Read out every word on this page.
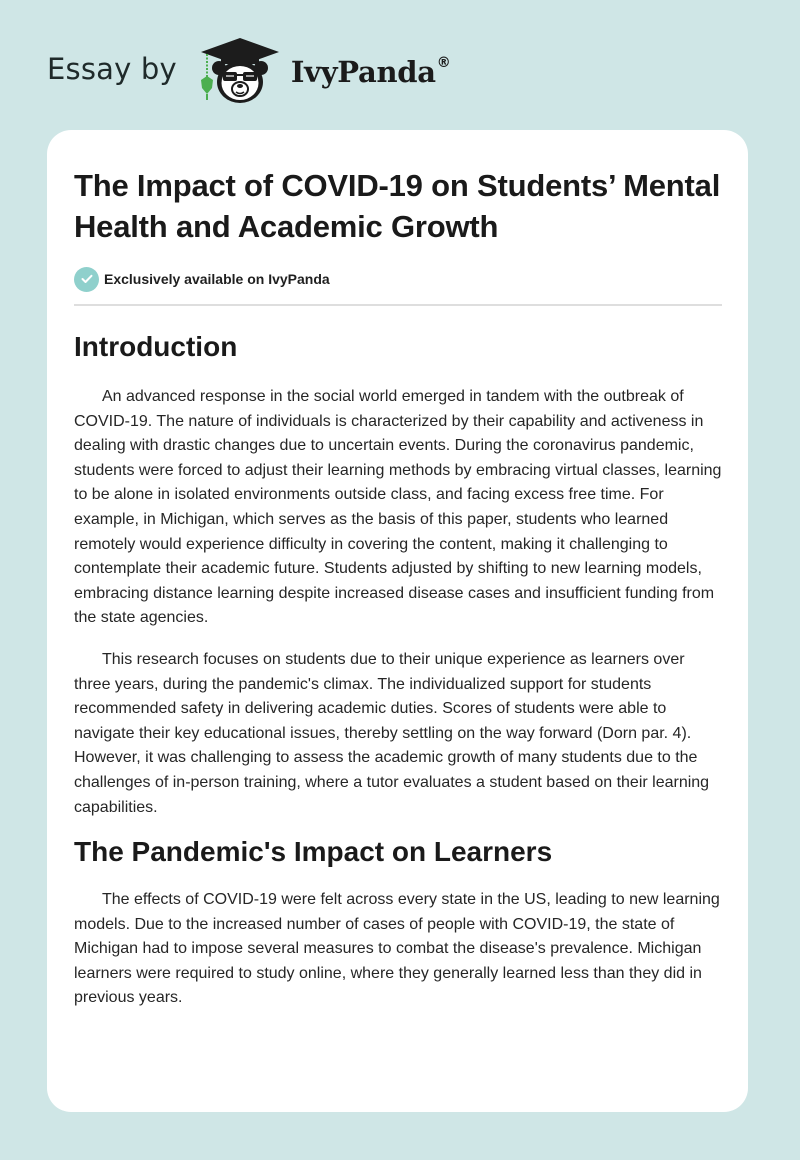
Essay by	IvyPanda®
The Impact of COVID-19 on Students’ Mental Health and Academic Growth
Exclusively available on IvyPanda
Introduction

An advanced response in the social world emerged in tandem with the outbreak of COVID-19. The nature of individuals is characterized by their capability and activeness in dealing with drastic changes due to uncertain events. During the coronavirus pandemic, students were forced to adjust their learning methods by embracing virtual classes, learning to be alone in isolated environments outside class, and facing excess free time. For example, in Michigan, which serves as the basis of this paper, students who learned remotely would experience difficulty in covering the content, making it challenging to contemplate their academic future. Students adjusted by shifting to new learning models, embracing distance learning despite increased disease cases and insufficient funding from the state agencies.

This research focuses on students due to their unique experience as learners over three years, during the pandemic's climax. The individualized support for students recommended safety in delivering academic duties. Scores of students were able to navigate their key educational issues, thereby settling on the way forward (Dorn par. 4). However, it was challenging to assess the academic growth of many students due to the challenges of in-person training, where a tutor evaluates a student based on their learning capabilities.

The Pandemic's Impact on Learners

The effects of COVID-19 were felt across every state in the US, leading to new learning models. Due to the increased number of cases of people with COVID-19, the state of Michigan had to impose several measures to combat the disease's prevalence. Michigan learners were required to study online, where they generally learned less than they did in previous years.
